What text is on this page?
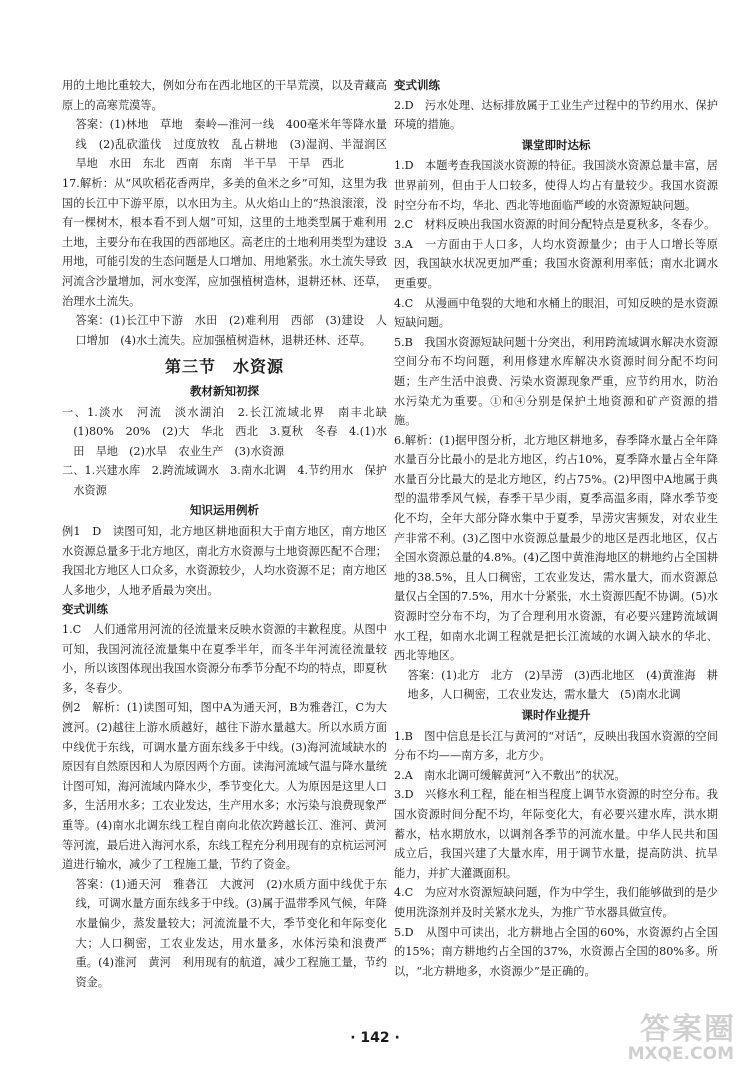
用的土地比重较大，例如分布在西北地区的干旱荒漠，以及青藏高原上的高寒荒漠等。

答案：(1)林地　草地　秦岭—淮河一线　400毫米年等降水量线　(2)乱砍滥伐　过度放牧　乱占耕地　(3)湿润、半湿润区　旱地　水田　东北　西南　东南　半干旱　干旱　西北

17.解析：从“风吹稻花香两岸，多美的鱼米之乡”可知，这里为我国的长江中下游平原，以水田为主。从火焰山上的“热浪滚滚，没有一棵树木，根本看不到人烟”可知，这里的土地类型属于难利用土地，主要分布在我国的西部地区。高老庄的土地利用类型为建设用地，可能引发的生态问题是人口增加、用地紧张。水土流失导致河流含沙量增加，河水变浑，应加强植树造林，退耕还林、还草，治理水土流失。

答案：(1)长江中下游　水田　(2)难利用　西部　(3)建设　人口增加　(4)水土流失。应加强植树造林，退耕还林、还草。

第三节　水资源
教材新知初探

一、1.淡水　河流　淡水湖泊　2.长江流域北界　南丰北缺　(1)80%　20%　(2)大　华北　西北　3.夏秋　冬春　4.(1)水田　旱地　(2)水旱　农业生产　(3)水资源

二、1.兴建水库　2.跨流域调水　3.南水北调　4.节约用水　保护水资源

知识运用例析

例1　D　读图可知，北方地区耕地面积大于南方地区，南方地区水资源总量多于北方地区，南北方水资源与土地资源匹配不合理；我国北方地区人口众多，水资源较少，人均水资源不足；南方地区人多地少，人地矛盾最为突出。

变式训练

1.C　人们通常用河流的径流量来反映水资源的丰歉程度。从图中可知，我国河流径流量集中在夏季半年，而冬半年河流径流量较小，所以该图体现出我国水资源分布季节分配不均的特点，即夏秋多，冬春少。

例2　解析：(1)读图可知，图中A为通天河，B为雅砻江，C为大渡河。(2)越往上游水质越好，越往下游水量越大。所以水质方面中线优于东线，可调水量方面东线多于中线。(3)海河流域缺水的原因有自然原因和人为原因两个方面。读海河流域气温与降水量统计图可知，海河流域内降水少，季节变化大。人为原因是这里人口多，生活用水多；工农业发达，生产用水多；水污染与浪费现象严重等。(4)南水北调东线工程自南向北依次跨越长江、淮河、黄河等河流，最后进入海河水系，东线工程充分利用现有的京杭运河河道进行输水，减少了工程施工量，节约了资金。

答案：(1)通天河　雅砻江　大渡河　(2)水质方面中线优于东线，可调水量方面东线多于中线。(3)属于温带季风气候，年降水量偏少，蒸发量较大；河流流量不大，季节变化和年际变化大；人口稠密，工农业发达，用水量多，水体污染和浪费严重。(4)淮河　黄河　利用现有的航道，减少工程施工量，节约资金。

变式训练

2.D　污水处理、达标排放属于工业生产过程中的节约用水、保护环境的措施。

课堂即时达标

1.D　本题考查我国淡水资源的特征。我国淡水资源总量丰富，居世界前列，但由于人口较多，使得人均占有量较少。我国水资源时空分布不均，华北、西北等地面临严峻的水资源短缺问题。

2.C　材料反映出我国水资源的时间分配特点是夏秋多，冬春少。

3.A　一方面由于人口多，人均水资源量少；由于人口增长等原因，我国缺水状况更加严重；我国水资源利用率低；南水北调水更重要。

4.C　从漫画中龟裂的大地和水桶上的眼泪，可知反映的是水资源短缺问题。

5.B　我国水资源短缺问题十分突出，利用跨流域调水解决水资源空间分布不均问题，利用修建水库解决水资源时间分配不均问题；生产生活中浪费、污染水资源现象严重，应节约用水，防治水污染尤为重要。①和④分别是保护土地资源和矿产资源的措施。

6.解析：(1)据甲图分析，北方地区耕地多，春季降水量占全年降水量百分比最小的是北方地区，约占10%，夏季降水量占全年降水量百分比最大的是北方地区，约占75%。(2)甲图中A地属于典型的温带季风气候，春季干旱少雨，夏季高温多雨，降水季节变化不均，全年大部分降水集中于夏季，旱涝灾害频发，对农业生产非常不利。(3)乙图中水资源总量最少的地区是西北地区，仅占全国水资源总量的4.8%。(4)乙图中黄淮海地区的耕地约占全国耕地的38.5%，且人口稠密，工农业发达，需水量大，而水资源总量仅占全国的7.5%，用水十分紧张，水土资源匹配不协调。(5)水资源时空分布不均，为了合理利用水资源，有必要兴建跨流域调水工程，如南水北调工程就是把长江流域的水调入缺水的华北、西北等地区。

答案：(1)北方　北方　(2)旱涝　(3)西北地区　(4)黄淮海　耕地多，人口稠密，工农业发达，需水量大　(5)南水北调

课时作业提升

1.B　图中信息是长江与黄河的“对话”，反映出我国水资源的空间分布不均——南方多，北方少。

2.A　南水北调可缓解黄河“入不敷出”的状况。

3.D　兴修水利工程，能在相当程度上调节水资源的时空分布。我国水资源时间分配不均，年际变化大，有必要兴建水库，洪水期蓄水，枯水期放水，以调剂各季节的河流水量。中华人民共和国成立后，我国兴建了大量水库，用于调节水量，提高防洪、抗旱能力，并扩大灌溉面积。

4.C　为应对水资源短缺问题，作为中学生，我们能够做到的是少使用洗涤剂并及时关紧水龙头，为推广节水器具做宣传。

5.D　从图中可读出，北方耕地占全国的60%，水资源约占全国的15%；南方耕地约占全国的37%，水资源占全国的80%多。所以，“北方耕地多，水资源少”是正确的。

· 142 ·	答案圈
MXQE.COM
